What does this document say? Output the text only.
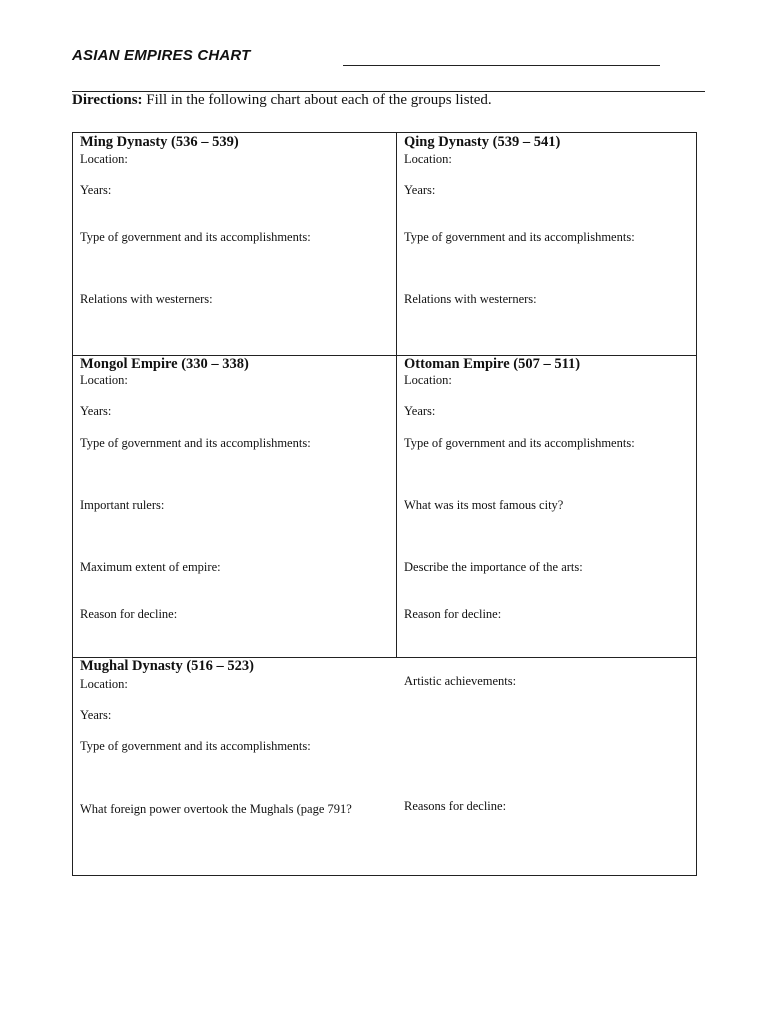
ASIAN EMPIRES CHART
Directions: Fill in the following chart about each of the groups listed.
Ming Dynasty (536 – 539)
Location:
Years:
Type of government and its accomplishments:
Relations with westerners:
Qing Dynasty (539 – 541)
Location:
Years:
Type of government and its accomplishments:
Relations with westerners:
Mongol Empire (330 – 338)
Location:
Years:
Type of government and its accomplishments:
Important rulers:
Maximum extent of empire:
Reason for decline:
Ottoman Empire (507 – 511)
Location:
Years:
Type of government and its accomplishments:
What was its most famous city?
Describe the importance of the arts:
Reason for decline:
Mughal Dynasty (516 – 523)
Location:
Years:
Type of government and its accomplishments:
What foreign power overtook the Mughals (page 791?
Artistic achievements:
Reasons for decline:
